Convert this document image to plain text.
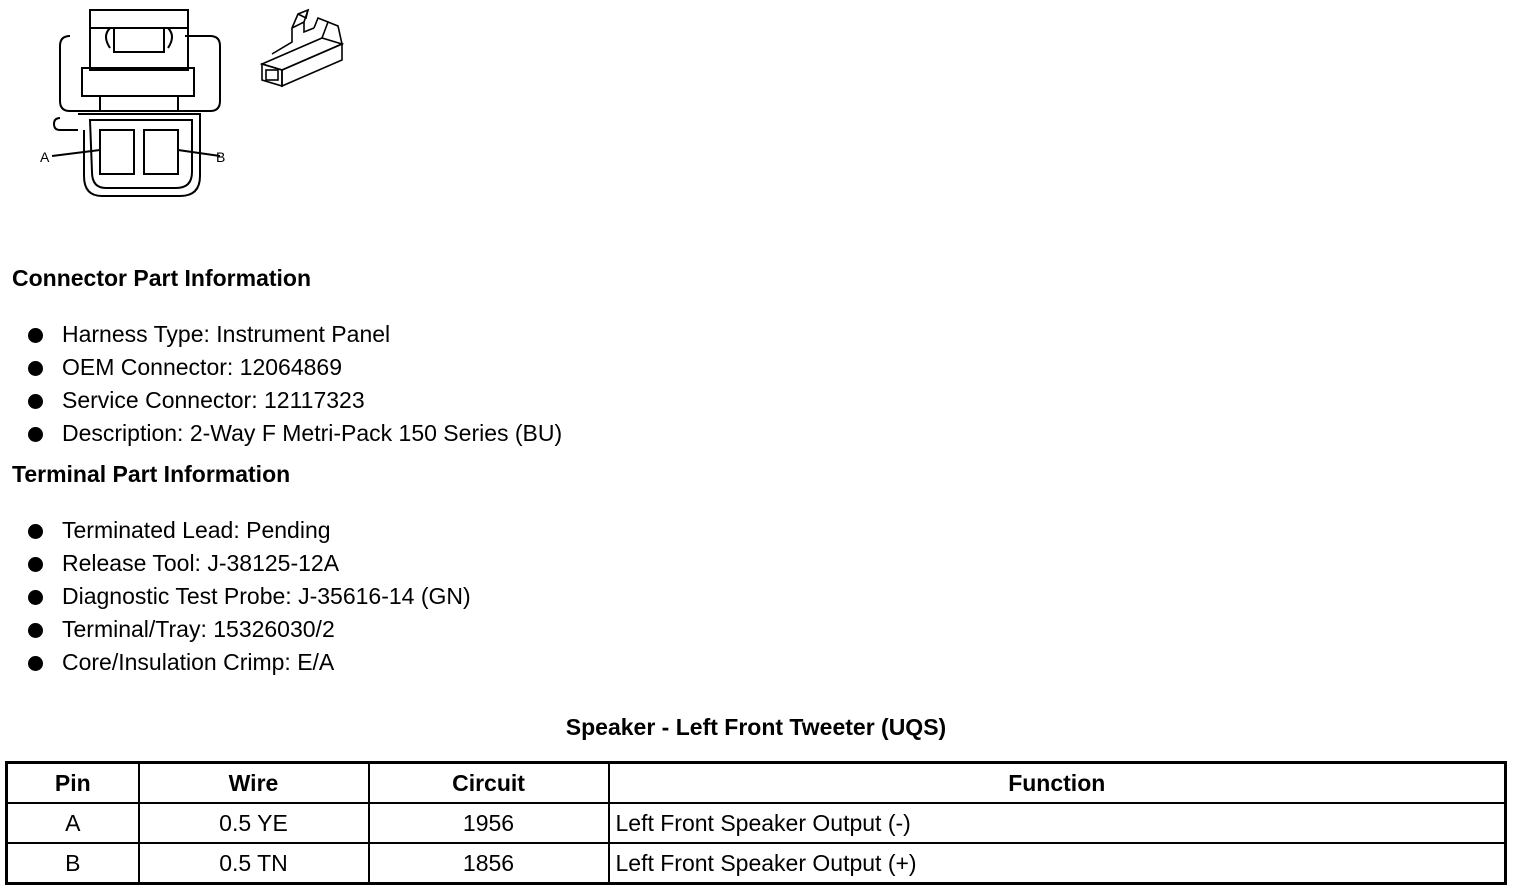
A	B
Connector Part Information
Harness Type: Instrument Panel
OEM Connector: 12064869
Service Connector: 12117323
Description: 2-Way F Metri-Pack 150 Series (BU)
Terminal Part Information
Terminated Lead: Pending
Release Tool: J-38125-12A
Diagnostic Test Probe: J-35616-14 (GN)
Terminal/Tray: 15326030/2
Core/Insulation Crimp: E/A
Speaker - Left Front Tweeter (UQS)
Pin	Wire	Circuit	Function
A	0.5 YE	1956	Left Front Speaker Output (-)
B	0.5 TN	1856	Left Front Speaker Output (+)
